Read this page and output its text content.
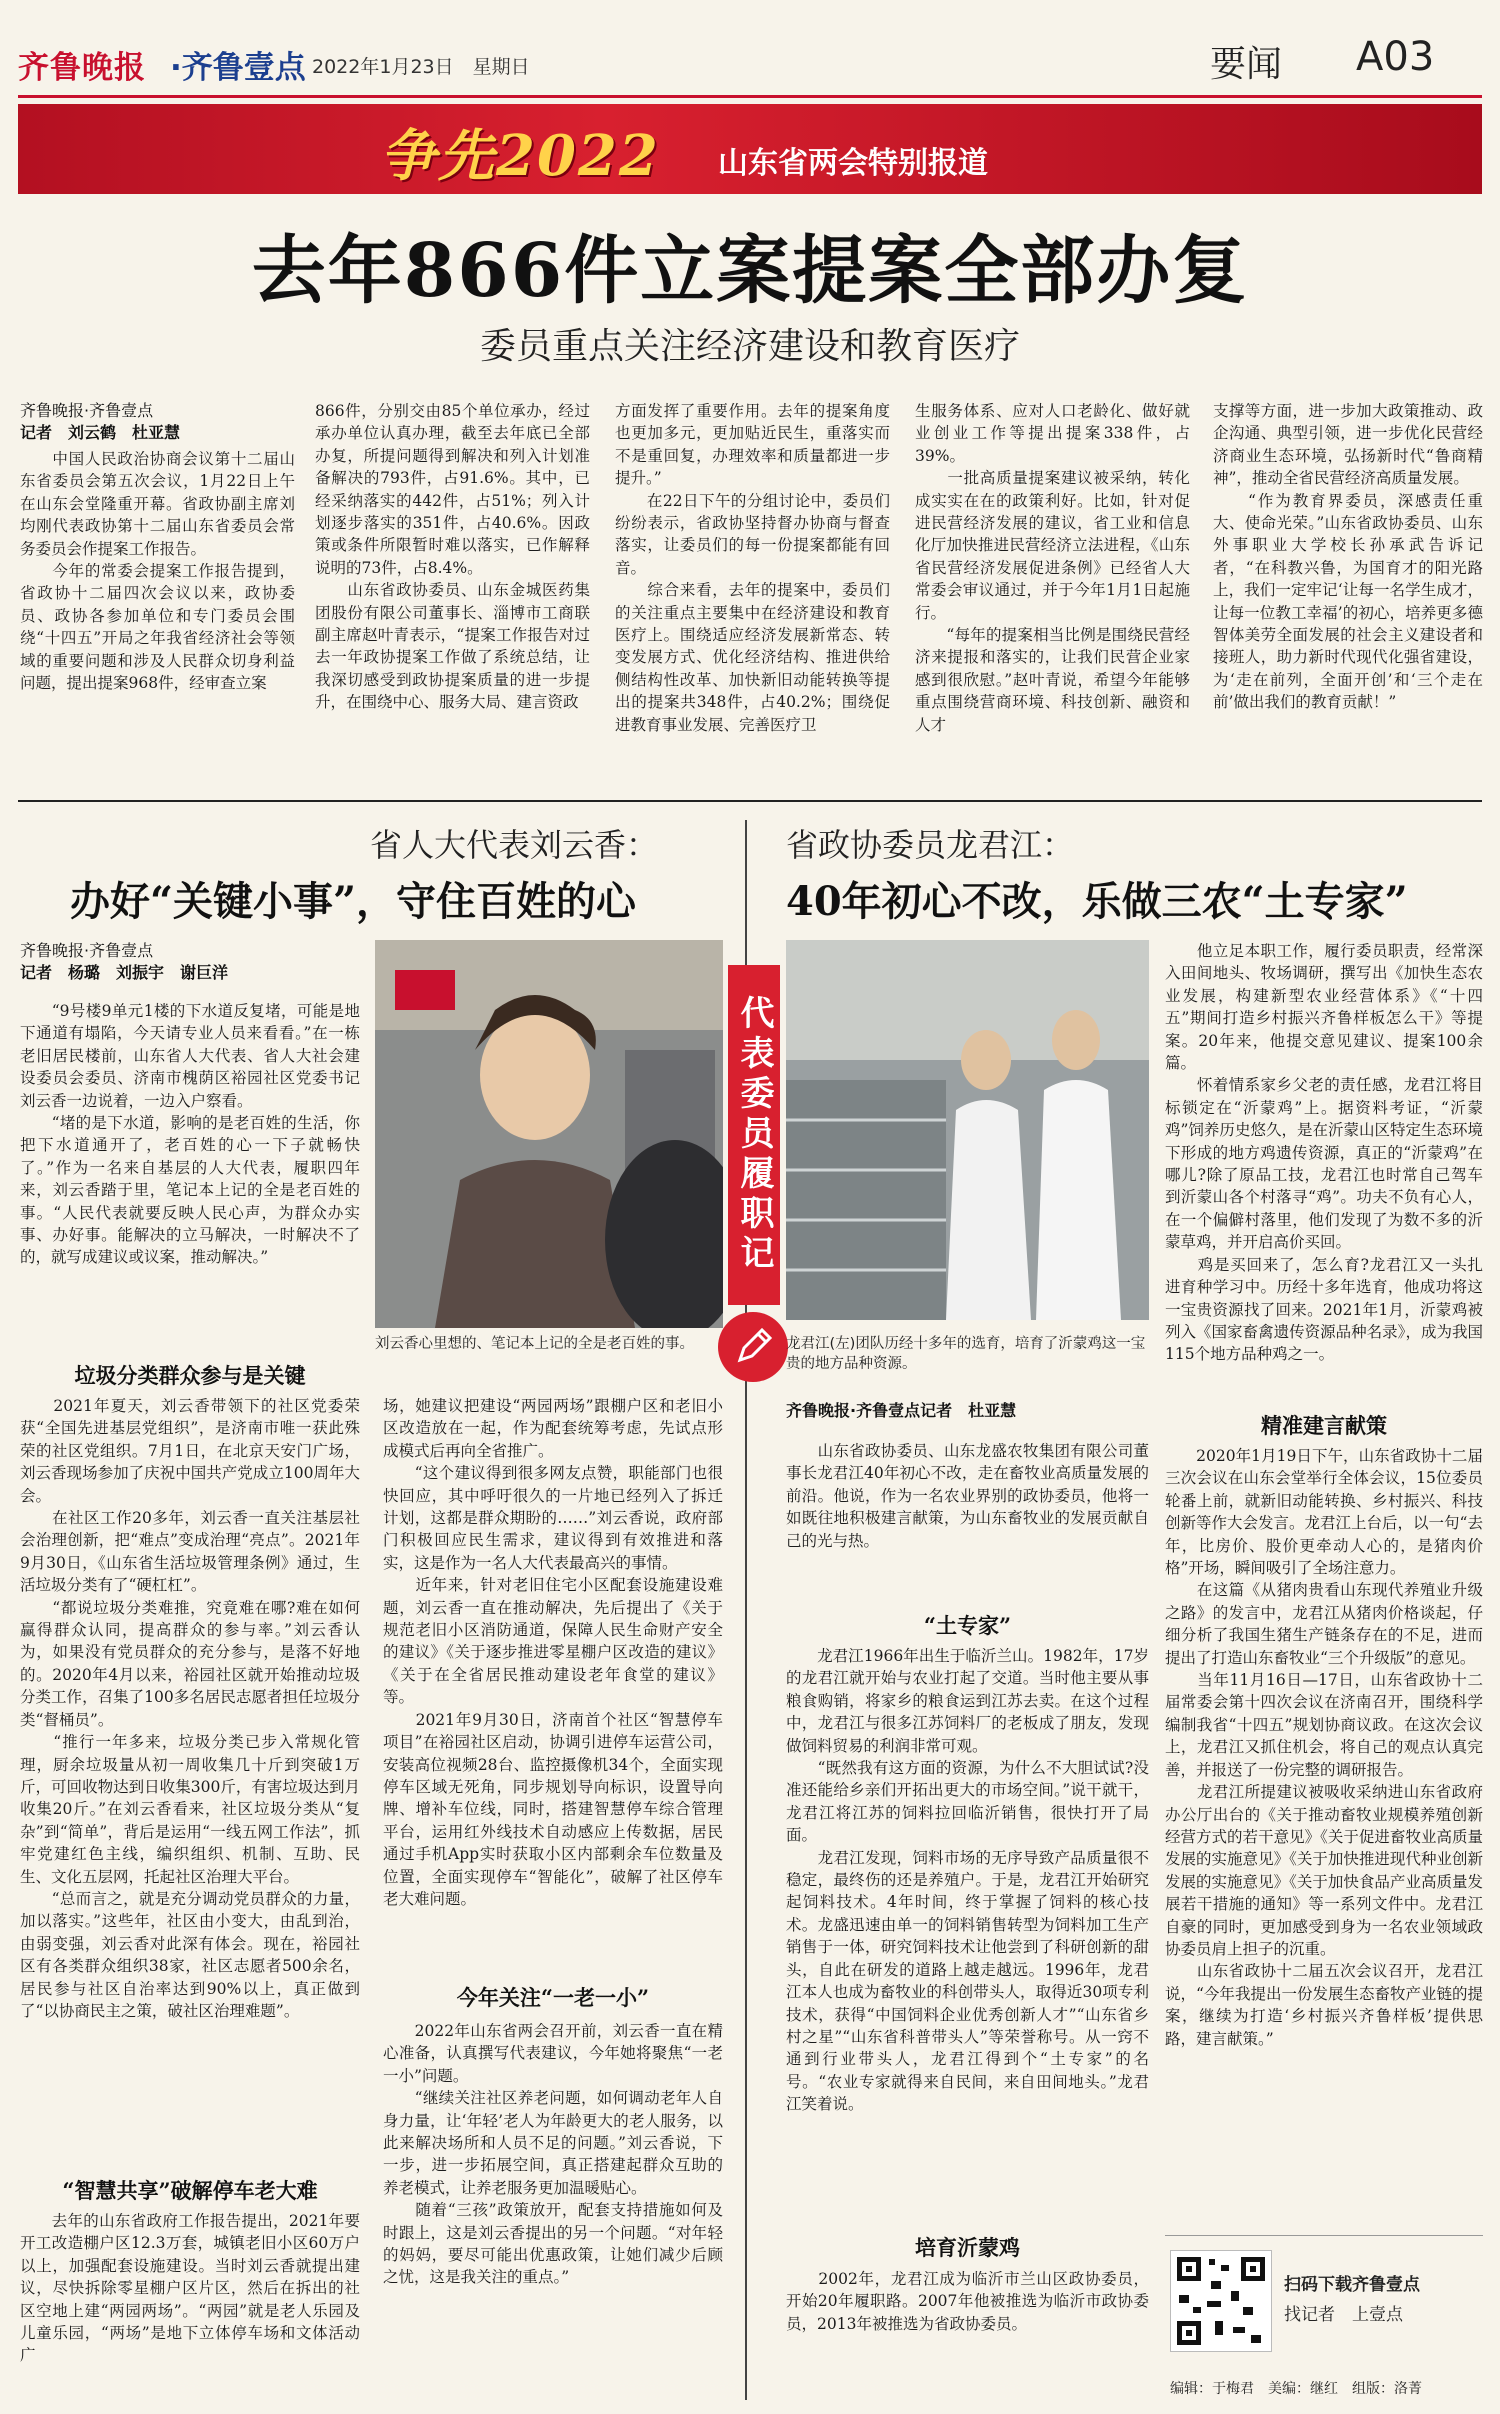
齐鲁晚报 ·齐鲁壹点 2022年1月23日　星期日	要闻 A03
争先2022 山东省两会特别报道
去年866件立案提案全部办复
委员重点关注经济建设和教育医疗
齐鲁晚报·齐鲁壹点
记者　刘云鹤　杜亚慧
　　中国人民政治协商会议第十二届山东省委员会第五次会议，1月22日上午在山东会堂隆重开幕。省政协副主席刘均刚代表政协第十二届山东省委员会常务委员会作提案工作报告。
　　今年的常委会提案工作报告提到，省政协十二届四次会议以来，政协委员、政协各参加单位和专门委员会围绕“十四五”开局之年我省经济社会等领域的重要问题和涉及人民群众切身利益问题，提出提案968件，经审查立案
866件，分别交由85个单位承办，经过承办单位认真办理，截至去年底已全部办复，所提问题得到解决和列入计划准备解决的793件，占91.6%。其中，已经采纳落实的442件，占51%；列入计划逐步落实的351件，占40.6%。因政策或条件所限暂时难以落实，已作解释说明的73件，占8.4%。
　　山东省政协委员、山东金城医药集团股份有限公司董事长、淄博市工商联副主席赵叶青表示，“提案工作报告对过去一年政协提案工作做了系统总结，让我深切感受到政协提案质量的进一步提升，在围绕中心、服务大局、建言资政
方面发挥了重要作用。去年的提案角度也更加多元，更加贴近民生，重落实而不是重回复，办理效率和质量都进一步提升。”
　　在22日下午的分组讨论中，委员们纷纷表示，省政协坚持督办协商与督查落实，让委员们的每一份提案都能有回音。
　　综合来看，去年的提案中，委员们的关注重点主要集中在经济建设和教育医疗上。围绕适应经济发展新常态、转变发展方式、优化经济结构、推进供给侧结构性改革、加快新旧动能转换等提出的提案共348件，占40.2%；围绕促进教育事业发展、完善医疗卫
生服务体系、应对人口老龄化、做好就业创业工作等提出提案338件，占39%。
　　一批高质量提案建议被采纳，转化成实实在在的政策利好。比如，针对促进民营经济发展的建议，省工业和信息化厅加快推进民营经济立法进程，《山东省民营经济发展促进条例》已经省人大常委会审议通过，并于今年1月1日起施行。
　　“每年的提案相当比例是围绕民营经济来提报和落实的，让我们民营企业家感到很欣慰。”赵叶青说，希望今年能够重点围绕营商环境、科技创新、融资和人才
支撑等方面，进一步加大政策推动、政企沟通、典型引领，进一步优化民营经济商业生态环境，弘扬新时代“鲁商精神”，推动全省民营经济高质量发展。
　　“作为教育界委员，深感责任重大、使命光荣。”山东省政协委员、山东外事职业大学校长孙承武告诉记者，“在科教兴鲁，为国育才的阳光路上，我们一定牢记‘让每一名学生成才，让每一位教工幸福’的初心，培养更多德智体美劳全面发展的社会主义建设者和接班人，助力新时代现代化强省建设，为‘走在前列，全面开创’和‘三个走在前’做出我们的教育贡献！”
省人大代表刘云香：
办好“关键小事”，守住百姓的心
齐鲁晚报·齐鲁壹点
记者　杨璐　刘振宇　谢巨洋
　　“9号楼9单元1楼的下水道反复堵，可能是地下通道有塌陷，今天请专业人员来看看。”在一栋老旧居民楼前，山东省人大代表、省人大社会建设委员会委员、济南市槐荫区裕园社区党委书记刘云香一边说着，一边入户察看。
　　“堵的是下水道，影响的是老百姓的生活，你把下水道通开了，老百姓的心一下子就畅快了。”作为一名来自基层的人大代表，履职四年来，刘云香踏于里，笔记本上记的全是老百姓的事。“人民代表就要反映人民心声，为群众办实事、办好事。能解决的立马解决，一时解决不了的，就写成建议或议案，推动解决。”
刘云香心里想的、笔记本上记的全是老百姓的事。
垃圾分类群众参与是关键
　　2021年夏天，刘云香带领下的社区党委荣获“全国先进基层党组织”，是济南市唯一获此殊荣的社区党组织。7月1日，在北京天安门广场，刘云香现场参加了庆祝中国共产党成立100周年大会。
　　在社区工作20多年，刘云香一直关注基层社会治理创新，把“难点”变成治理“亮点”。2021年9月30日，《山东省生活垃圾管理条例》通过，生活垃圾分类有了“硬杠杠”。
　　“都说垃圾分类难推，究竟难在哪?难在如何赢得群众认同，提高群众的参与率。”刘云香认为，如果没有党员群众的充分参与，是落不好地的。2020年4月以来，裕园社区就开始推动垃圾分类工作，召集了100多名居民志愿者担任垃圾分类“督桶员”。
　　“推行一年多来，垃圾分类已步入常规化管理，厨余垃圾量从初一周收集几十斤到突破1万斤，可回收物达到日收集300斤，有害垃圾达到月收集20斤。”在刘云香看来，社区垃圾分类从“复杂”到“简单”，背后是运用“一线五网工作法”，抓牢党建红色主线，编织组织、机制、互助、民生、文化五层网，托起社区治理大平台。
　　“总而言之，就是充分调动党员群众的力量，加以落实。”这些年，社区由小变大，由乱到治，由弱变强，刘云香对此深有体会。现在，裕园社区有各类群众组织38家，社区志愿者500余名，居民参与社区自治率达到90%以上，真正做到了“以协商民主之策，破社区治理难题”。
“智慧共享”破解停车老大难
　　去年的山东省政府工作报告提出，2021年要开工改造棚户区12.3万套，城镇老旧小区60万户以上，加强配套设施建设。当时刘云香就提出建议，尽快拆除零星棚户区片区，然后在拆出的社区空地上建“两园两场”。“两园”就是老人乐园及儿童乐园，“两场”是地下立体停车场和文体活动广
场，她建议把建设“两园两场”跟棚户区和老旧小区改造放在一起，作为配套统筹考虑，先试点形成模式后再向全省推广。
　　“这个建议得到很多网友点赞，职能部门也很快回应，其中呼吁很久的一片地已经列入了拆迁计划，这都是群众期盼的……”刘云香说，政府部门积极回应民生需求，建议得到有效推进和落实，这是作为一名人大代表最高兴的事情。
　　近年来，针对老旧住宅小区配套设施建设难题，刘云香一直在推动解决，先后提出了《关于规范老旧小区消防通道，保障人民生命财产安全的建议》《关于逐步推进零星棚户区改造的建议》《关于在全省居民推动建设老年食堂的建议》等。
　　2021年9月30日，济南首个社区“智慧停车项目”在裕园社区启动，协调引进停车运营公司，安装高位视频28台、监控摄像机34个，全面实现停车区域无死角，同步规划导向标识，设置导向牌、增补车位线，同时，搭建智慧停车综合管理平台，运用红外线技术自动感应上传数据，居民通过手机App实时获取小区内部剩余车位数量及位置，全面实现停车“智能化”，破解了社区停车老大难问题。
今年关注“一老一小”
　　2022年山东省两会召开前，刘云香一直在精心准备，认真撰写代表建议，今年她将聚焦“一老一小”问题。
　　“继续关注社区养老问题，如何调动老年人自身力量，让‘年轻’老人为年龄更大的老人服务，以此来解决场所和人员不足的问题。”刘云香说，下一步，进一步拓展空间，真正搭建起群众互助的养老模式，让养老服务更加温暖贴心。
　　随着“三孩”政策放开，配套支持措施如何及时跟上，这是刘云香提出的另一个问题。“对年轻的妈妈，要尽可能出优惠政策，让她们减少后顾之忧，这是我关注的重点。”
代表委员履职记
省政协委员龙君江：
40年初心不改，乐做三农“土专家”
龙君江(左)团队历经十多年的选育，培育了沂蒙鸡这一宝贵的地方品种资源。
齐鲁晚报·齐鲁壹点记者　杜亚慧
　　山东省政协委员、山东龙盛农牧集团有限公司董事长龙君江40年初心不改，走在畜牧业高质量发展的前沿。他说，作为一名农业界别的政协委员，他将一如既往地积极建言献策，为山东畜牧业的发展贡献自己的光与热。
“土专家”
　　龙君江1966年出生于临沂兰山。1982年，17岁的龙君江就开始与农业打起了交道。当时他主要从事粮食购销，将家乡的粮食运到江苏去卖。在这个过程中，龙君江与很多江苏饲料厂的老板成了朋友，发现做饲料贸易的利润非常可观。
　　“既然我有这方面的资源，为什么不大胆试试?没准还能给乡亲们开拓出更大的市场空间。”说干就干，龙君江将江苏的饲料拉回临沂销售，很快打开了局面。
　　龙君江发现，饲料市场的无序导致产品质量很不稳定，最终伤的还是养殖户。于是，龙君江开始研究起饲料技术。4年时间，终于掌握了饲料的核心技术。龙盛迅速由单一的饲料销售转型为饲料加工生产销售于一体，研究饲料技术让他尝到了科研创新的甜头，自此在研发的道路上越走越远。1996年，龙君江本人也成为畜牧业的科创带头人，取得近30项专利技术，获得“中国饲料企业优秀创新人才”“山东省乡村之星”“山东省科普带头人”等荣誉称号。从一窍不通到行业带头人，龙君江得到个“土专家”的名号。“农业专家就得来自民间，来自田间地头。”龙君江笑着说。
培育沂蒙鸡
　　2002年，龙君江成为临沂市兰山区政协委员，开始20年履职路。2007年他被推选为临沂市政协委员，2013年被推选为省政协委员。
　　他立足本职工作，履行委员职责，经常深入田间地头、牧场调研，撰写出《加快生态农业发展，构建新型农业经营体系》《“十四五”期间打造乡村振兴齐鲁样板怎么干》等提案。20年来，他提交意见建议、提案100余篇。
　　怀着情系家乡父老的责任感，龙君江将目标锁定在“沂蒙鸡”上。据资料考证，“沂蒙鸡”饲养历史悠久，是在沂蒙山区特定生态环境下形成的地方鸡遗传资源，真正的“沂蒙鸡”在哪儿?除了原品工技，龙君江也时常自己驾车到沂蒙山各个村落寻“鸡”。功夫不负有心人，在一个偏僻村落里，他们发现了为数不多的沂蒙草鸡，并开启高价买回。
　　鸡是买回来了，怎么育?龙君江又一头扎进育种学习中。历经十多年选育，他成功将这一宝贵资源找了回来。2021年1月，沂蒙鸡被列入《国家畜禽遗传资源品种名录》，成为我国115个地方品种鸡之一。
精准建言献策
　　2020年1月19日下午，山东省政协十二届三次会议在山东会堂举行全体会议，15位委员轮番上前，就新旧动能转换、乡村振兴、科技创新等作大会发言。龙君江上台后，以一句“去年，比房价、股价更牵动人心的，是猪肉价格”开场，瞬间吸引了全场注意力。
　　在这篇《从猪肉贵看山东现代养殖业升级之路》的发言中，龙君江从猪肉价格谈起，仔细分析了我国生猪生产链条存在的不足，进而提出了打造山东畜牧业“三个升级版”的意见。
　　当年11月16日—17日，山东省政协十二届常委会第十四次会议在济南召开，围绕科学编制我省“十四五”规划协商议政。在这次会议上，龙君江又抓住机会，将自己的观点认真完善，并报送了一份完整的调研报告。
　　龙君江所提建议被吸收采纳进山东省政府办公厅出台的《关于推动畜牧业规模养殖创新经营方式的若干意见》《关于促进畜牧业高质量发展的实施意见》《关于加快推进现代种业创新发展的实施意见》《关于加快食品产业高质量发展若干措施的通知》等一系列文件中。龙君江自豪的同时，更加感受到身为一名农业领域政协委员肩上担子的沉重。
　　山东省政协十二届五次会议召开，龙君江说，“今年我提出一份发展生态畜牧产业链的提案，继续为打造‘乡村振兴齐鲁样板’提供思路，建言献策。”
扫码下载齐鲁壹点
找记者　上壹点
编辑：于梅君　美编：继红　组版：洛菁
